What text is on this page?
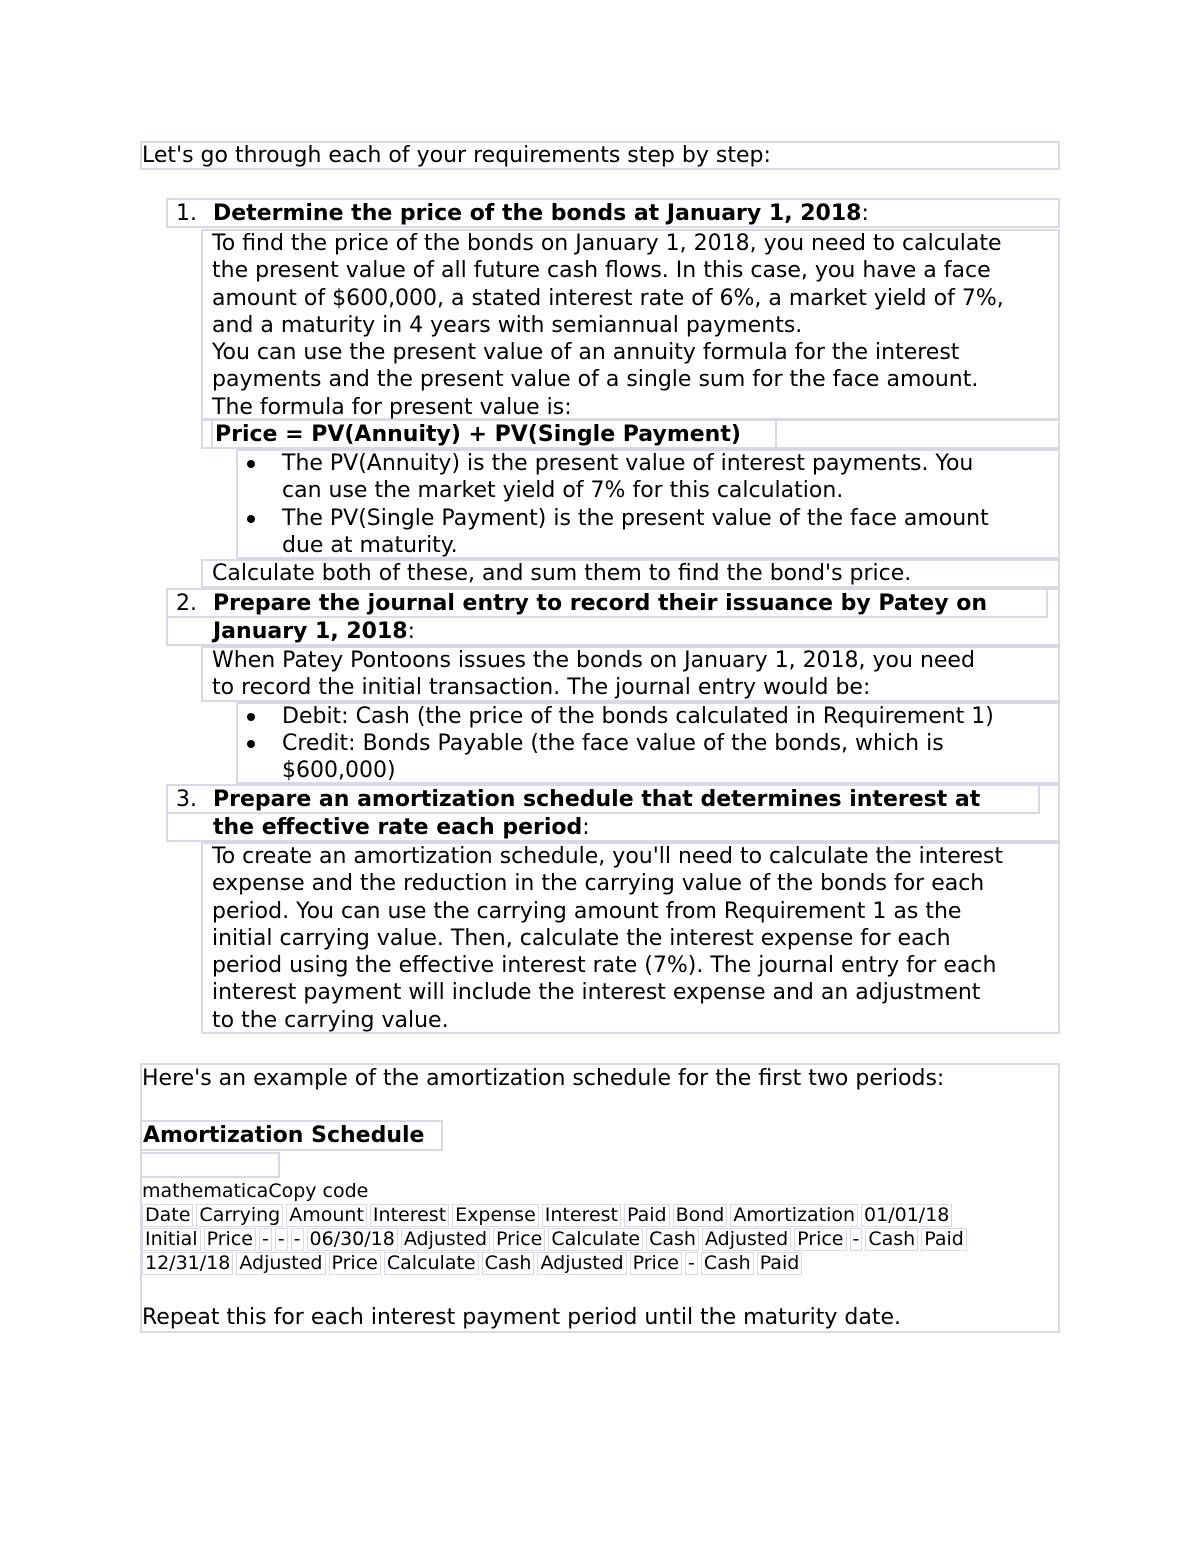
Let's go through each of your requirements step by step:
1. Determine the price of the bonds at January 1, 2018:
To find the price of the bonds on January 1, 2018, you need to calculate
the present value of all future cash flows. In this case, you have a face
amount of $600,000, a stated interest rate of 6%, a market yield of 7%,
and a maturity in 4 years with semiannual payments.
You can use the present value of an annuity formula for the interest
payments and the present value of a single sum for the face amount.
The formula for present value is:
Price = PV(Annuity) + PV(Single Payment)
The PV(Annuity) is the present value of interest payments. You
can use the market yield of 7% for this calculation.
The PV(Single Payment) is the present value of the face amount
due at maturity.
Calculate both of these, and sum them to find the bond's price.
2. Prepare the journal entry to record their issuance by Patey on
January 1, 2018:
When Patey Pontoons issues the bonds on January 1, 2018, you need
to record the initial transaction. The journal entry would be:
Debit: Cash (the price of the bonds calculated in Requirement 1)
Credit: Bonds Payable (the face value of the bonds, which is
$600,000)
3. Prepare an amortization schedule that determines interest at
the effective rate each period:
To create an amortization schedule, you'll need to calculate the interest
expense and the reduction in the carrying value of the bonds for each
period. You can use the carrying amount from Requirement 1 as the
initial carrying value. Then, calculate the interest expense for each
period using the effective interest rate (7%). The journal entry for each
interest payment will include the interest expense and an adjustment
to the carrying value.
Here's an example of the amortization schedule for the first two periods:
Amortization Schedule
mathematicaCopy code
Date Carrying Amount Interest Expense Interest Paid Bond Amortization 01/01/18
Initial Price - - - 06/30/18 Adjusted Price Calculate Cash Adjusted Price - Cash Paid
12/31/18 Adjusted Price Calculate Cash Adjusted Price - Cash Paid
Repeat this for each interest payment period until the maturity date.
